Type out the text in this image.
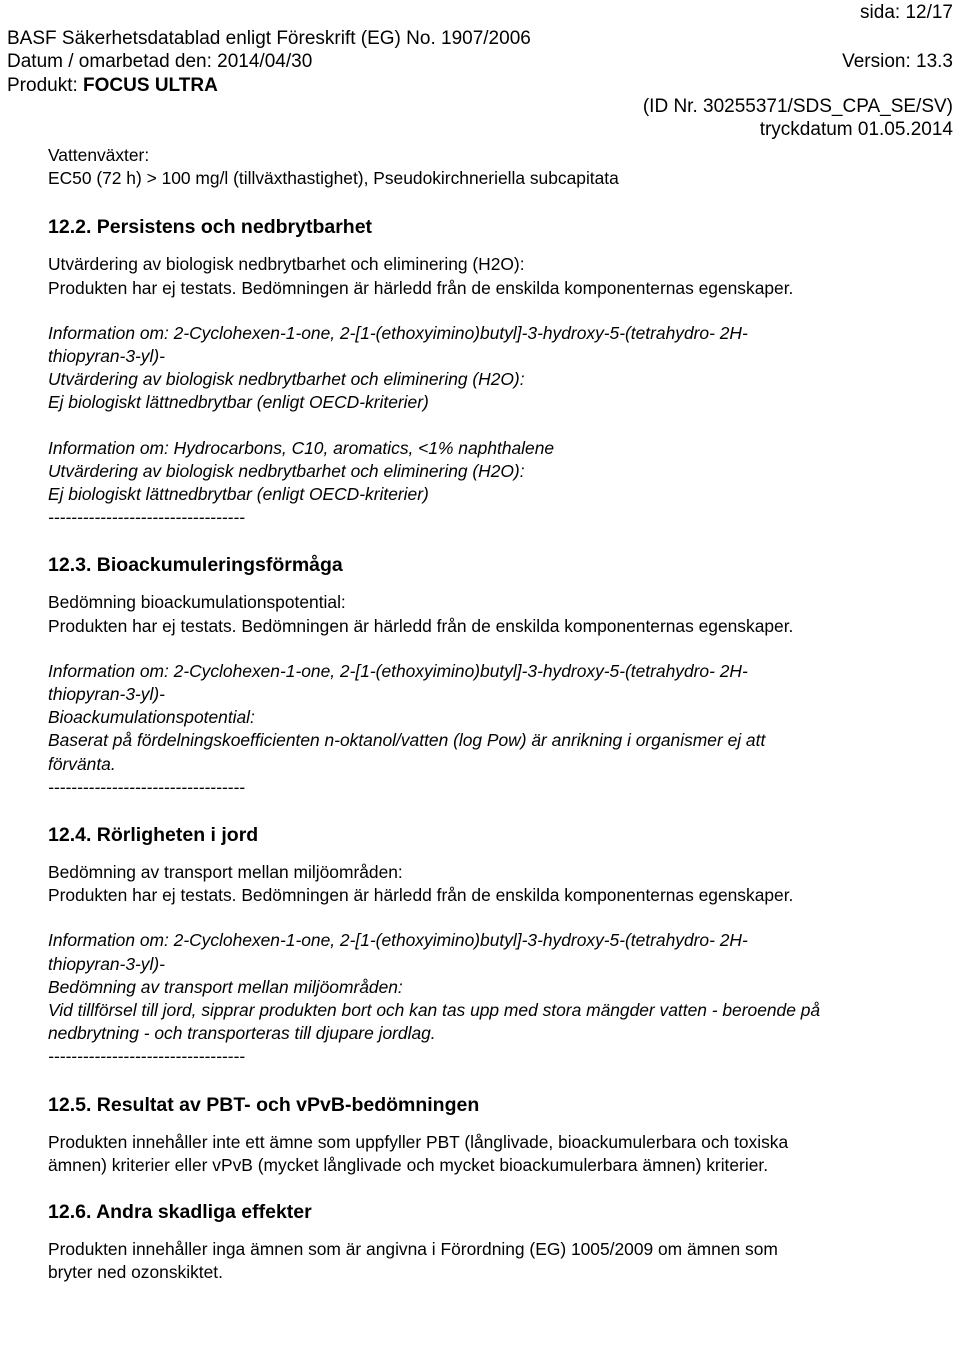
BASF Säkerhetsdatablad enligt Föreskrift (EG) No. 1907/2006
sida: 12/17
Datum / omarbetad den: 2014/04/30	Version: 13.3
Produkt: FOCUS ULTRA
(ID Nr. 30255371/SDS_CPA_SE/SV)
tryckdatum 01.05.2014

Vattenväxter:

EC50 (72 h) > 100 mg/l (tillväxthastighet), Pseudokirchneriella subcapitata

12.2. Persistens och nedbrytbarhet

Utvärdering av biologisk nedbrytbarhet och eliminering (H2O):

Produkten har ej testats. Bedömningen är härledd från de enskilda komponenternas egenskaper.

Information om: 2-Cyclohexen-1-one, 2-[1-(ethoxyimino)butyl]-3-hydroxy-5-(tetrahydro- 2H-

thiopyran-3-yl)-

Utvärdering av biologisk nedbrytbarhet och eliminering (H2O):

Ej biologiskt lättnedbrytbar (enligt OECD-kriterier)

Information om: Hydrocarbons, C10, aromatics, <1% naphthalene

Utvärdering av biologisk nedbrytbarhet och eliminering (H2O):

Ej biologiskt lättnedbrytbar (enligt OECD-kriterier)

----------------------------------

12.3. Bioackumuleringsförmåga

Bedömning bioackumulationspotential:

Produkten har ej testats. Bedömningen är härledd från de enskilda komponenternas egenskaper.

Information om: 2-Cyclohexen-1-one, 2-[1-(ethoxyimino)butyl]-3-hydroxy-5-(tetrahydro- 2H-

thiopyran-3-yl)-

Bioackumulationspotential:

Baserat på fördelningskoefficienten n-oktanol/vatten (log Pow) är anrikning i organismer ej att

förvänta.

----------------------------------

12.4. Rörligheten i jord

Bedömning av transport mellan miljöområden:

Produkten har ej testats. Bedömningen är härledd från de enskilda komponenternas egenskaper.

Information om: 2-Cyclohexen-1-one, 2-[1-(ethoxyimino)butyl]-3-hydroxy-5-(tetrahydro- 2H-

thiopyran-3-yl)-

Bedömning av transport mellan miljöområden:

Vid tillförsel till jord, sipprar produkten bort och kan tas upp med stora mängder vatten - beroende på

nedbrytning - och transporteras till djupare jordlag.

----------------------------------

12.5. Resultat av PBT- och vPvB-bedömningen

Produkten innehåller inte ett ämne som uppfyller PBT (långlivade, bioackumulerbara och toxiska

ämnen) kriterier eller vPvB (mycket långlivade och mycket bioackumulerbara ämnen) kriterier.

12.6. Andra skadliga effekter

Produkten innehåller inga ämnen som är angivna i Förordning (EG) 1005/2009 om ämnen som

bryter ned ozonskiktet.
